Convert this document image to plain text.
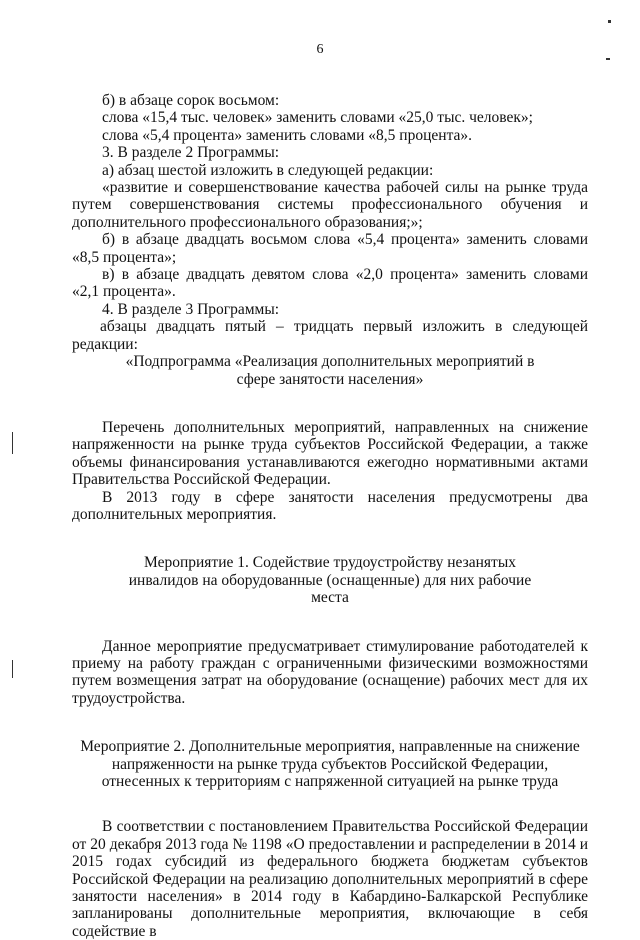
6

б) в абзаце сорок восьмом:

слова «15,4 тыс. человек» заменить словами «25,0 тыс. человек»;

слова «5,4 процента» заменить словами «8,5 процента».

3. В разделе 2 Программы:

а) абзац шестой изложить в следующей редакции:

«развитие и совершенствование качества рабочей силы на рынке труда путем совершенствования системы профессионального обучения и дополнительного профессионального образования;»;

б) в абзаце двадцать восьмом слова «5,4 процента» заменить словами «8,5 процента»;

в) в абзаце двадцать девятом слова «2,0 процента» заменить словами «2,1 процента».

4. В разделе 3 Программы:

абзацы двадцать пятый – тридцать первый изложить в следующей редакции:

«Подпрограмма «Реализация дополнительных мероприятий в сфере занятости населения»

Перечень дополнительных мероприятий, направленных на снижение напряженности на рынке труда субъектов Российской Федерации, а также объемы финансирования устанавливаются ежегодно нормативными актами Правительства Российской Федерации.

В 2013 году в сфере занятости населения предусмотрены два дополнительных мероприятия.

Мероприятие 1. Содействие трудоустройству незанятых инвалидов на оборудованные (оснащенные) для них рабочие места

Данное мероприятие предусматривает стимулирование работодателей к приему на работу граждан с ограниченными физическими возможностями путем возмещения затрат на оборудование (оснащение) рабочих мест для их трудоустройства.

Мероприятие 2. Дополнительные мероприятия, направленные на снижение напряженности на рынке труда субъектов Российской Федерации, отнесенных к территориям с напряженной ситуацией на рынке труда

В соответствии с постановлением Правительства Российской Федерации от 20 декабря 2013 года № 1198 «О предоставлении и распределении в 2014 и 2015 годах субсидий из федерального бюджета бюджетам субъектов Российской Федерации на реализацию дополнительных мероприятий в сфере занятости населения» в 2014 году в Кабардино-Балкарской Республике запланированы дополнительные мероприятия, включающие в себя содействие в
